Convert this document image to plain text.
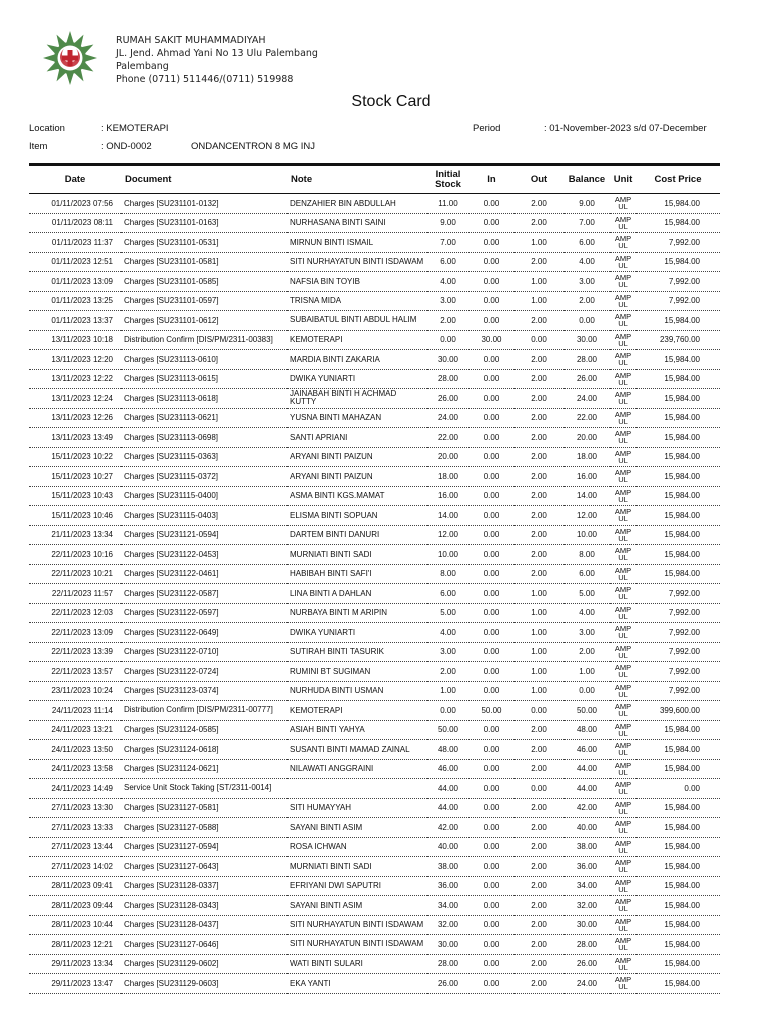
RUMAH SAKIT MUHAMMADIYAH
JL. Jend. Ahmad Yani No 13 Ulu Palembang
Palembang
Phone (0711) 511446/(0711) 519988
Stock Card
Location	: KEMOTERAPI	Period	: 01-November-2023 s/d 07-December
Item	: OND-0002	ONDANCENTRON 8 MG INJ
Date	Document	Note	Initial Stock	In	Out	Balance	Unit	Cost Price
01/11/2023 07:56	Charges [SU231101-0132]	DENZAHIER BIN ABDULLAH	11.00	0.00	2.00	9.00	AMP UL	15,984.00
01/11/2023 08:11	Charges [SU231101-0163]	NURHASANA BINTI SAINI	9.00	0.00	2.00	7.00	AMP UL	15,984.00
01/11/2023 11:37	Charges [SU231101-0531]	MIRNUN BINTI ISMAIL	7.00	0.00	1.00	6.00	AMP UL	7,992.00
01/11/2023 12:51	Charges [SU231101-0581]	SITI NURHAYATUN BINTI ISDAWAM	6.00	0.00	2.00	4.00	AMP UL	15,984.00
01/11/2023 13:09	Charges [SU231101-0585]	NAFSIA BIN TOYIB	4.00	0.00	1.00	3.00	AMP UL	7,992.00
01/11/2023 13:25	Charges [SU231101-0597]	TRISNA MIDA	3.00	0.00	1.00	2.00	AMP UL	7,992.00
01/11/2023 13:37	Charges [SU231101-0612]	SUBAIBATUL BINTI ABDUL HALIM	2.00	0.00	2.00	0.00	AMP UL	15,984.00
13/11/2023 10:18	Distribution Confirm [DIS/PM/2311-00383]	KEMOTERAPI	0.00	30.00	0.00	30.00	AMP UL	239,760.00
13/11/2023 12:20	Charges [SU231113-0610]	MARDIA BINTI ZAKARIA	30.00	0.00	2.00	28.00	AMP UL	15,984.00
13/11/2023 12:22	Charges [SU231113-0615]	DWIKA YUNIARTI	28.00	0.00	2.00	26.00	AMP UL	15,984.00
13/11/2023 12:24	Charges [SU231113-0618]	JAINABAH BINTI H ACHMAD KUTTY	26.00	0.00	2.00	24.00	AMP UL	15,984.00
13/11/2023 12:26	Charges [SU231113-0621]	YUSNA BINTI MAHAZAN	24.00	0.00	2.00	22.00	AMP UL	15,984.00
13/11/2023 13:49	Charges [SU231113-0698]	SANTI APRIANI	22.00	0.00	2.00	20.00	AMP UL	15,984.00
15/11/2023 10:22	Charges [SU231115-0363]	ARYANI BINTI PAIZUN	20.00	0.00	2.00	18.00	AMP UL	15,984.00
15/11/2023 10:27	Charges [SU231115-0372]	ARYANI BINTI PAIZUN	18.00	0.00	2.00	16.00	AMP UL	15,984.00
15/11/2023 10:43	Charges [SU231115-0400]	ASMA BINTI KGS.MAMAT	16.00	0.00	2.00	14.00	AMP UL	15,984.00
15/11/2023 10:46	Charges [SU231115-0403]	ELISMA BINTI SOPUAN	14.00	0.00	2.00	12.00	AMP UL	15,984.00
21/11/2023 13:34	Charges [SU231121-0594]	DARTEM BINTI DANURI	12.00	0.00	2.00	10.00	AMP UL	15,984.00
22/11/2023 10:16	Charges [SU231122-0453]	MURNIATI BINTI SADI	10.00	0.00	2.00	8.00	AMP UL	15,984.00
22/11/2023 10:21	Charges [SU231122-0461]	HABIBAH BINTI SAFI'I	8.00	0.00	2.00	6.00	AMP UL	15,984.00
22/11/2023 11:57	Charges [SU231122-0587]	LINA BINTI A DAHLAN	6.00	0.00	1.00	5.00	AMP UL	7,992.00
22/11/2023 12:03	Charges [SU231122-0597]	NURBAYA BINTI M ARIPIN	5.00	0.00	1.00	4.00	AMP UL	7,992.00
22/11/2023 13:09	Charges [SU231122-0649]	DWIKA YUNIARTI	4.00	0.00	1.00	3.00	AMP UL	7,992.00
22/11/2023 13:39	Charges [SU231122-0710]	SUTIRAH BINTI TASURIK	3.00	0.00	1.00	2.00	AMP UL	7,992.00
22/11/2023 13:57	Charges [SU231122-0724]	RUMINI BT SUGIMAN	2.00	0.00	1.00	1.00	AMP UL	7,992.00
23/11/2023 10:24	Charges [SU231123-0374]	NURHUDA BINTI USMAN	1.00	0.00	1.00	0.00	AMP UL	7,992.00
24/11/2023 11:14	Distribution Confirm [DIS/PM/2311-00777]	KEMOTERAPI	0.00	50.00	0.00	50.00	AMP UL	399,600.00
24/11/2023 13:21	Charges [SU231124-0585]	ASIAH BINTI YAHYA	50.00	0.00	2.00	48.00	AMP UL	15,984.00
24/11/2023 13:50	Charges [SU231124-0618]	SUSANTI BINTI MAMAD ZAINAL	48.00	0.00	2.00	46.00	AMP UL	15,984.00
24/11/2023 13:58	Charges [SU231124-0621]	NILAWATI ANGGRAINI	46.00	0.00	2.00	44.00	AMP UL	15,984.00
24/11/2023 14:49	Service Unit Stock Taking [ST/2311-0014]		44.00	0.00	0.00	44.00	AMP UL	0.00
27/11/2023 13:30	Charges [SU231127-0581]	SITI HUMAYYAH	44.00	0.00	2.00	42.00	AMP UL	15,984.00
27/11/2023 13:33	Charges [SU231127-0588]	SAYANI BINTI ASIM	42.00	0.00	2.00	40.00	AMP UL	15,984.00
27/11/2023 13:44	Charges [SU231127-0594]	ROSA ICHWAN	40.00	0.00	2.00	38.00	AMP UL	15,984.00
27/11/2023 14:02	Charges [SU231127-0643]	MURNIATI BINTI SADI	38.00	0.00	2.00	36.00	AMP UL	15,984.00
28/11/2023 09:41	Charges [SU231128-0337]	EFRIYANI DWI SAPUTRI	36.00	0.00	2.00	34.00	AMP UL	15,984.00
28/11/2023 09:44	Charges [SU231128-0343]	SAYANI BINTI ASIM	34.00	0.00	2.00	32.00	AMP UL	15,984.00
28/11/2023 10:44	Charges [SU231128-0437]	SITI NURHAYATUN BINTI ISDAWAM	32.00	0.00	2.00	30.00	AMP UL	15,984.00
28/11/2023 12:21	Charges [SU231127-0646]	SITI NURHAYATUN BINTI ISDAWAM	30.00	0.00	2.00	28.00	AMP UL	15,984.00
29/11/2023 13:34	Charges [SU231129-0602]	WATI BINTI SULARI	28.00	0.00	2.00	26.00	AMP UL	15,984.00
29/11/2023 13:47	Charges [SU231129-0603]	EKA YANTI	26.00	0.00	2.00	24.00	AMP UL	15,984.00
